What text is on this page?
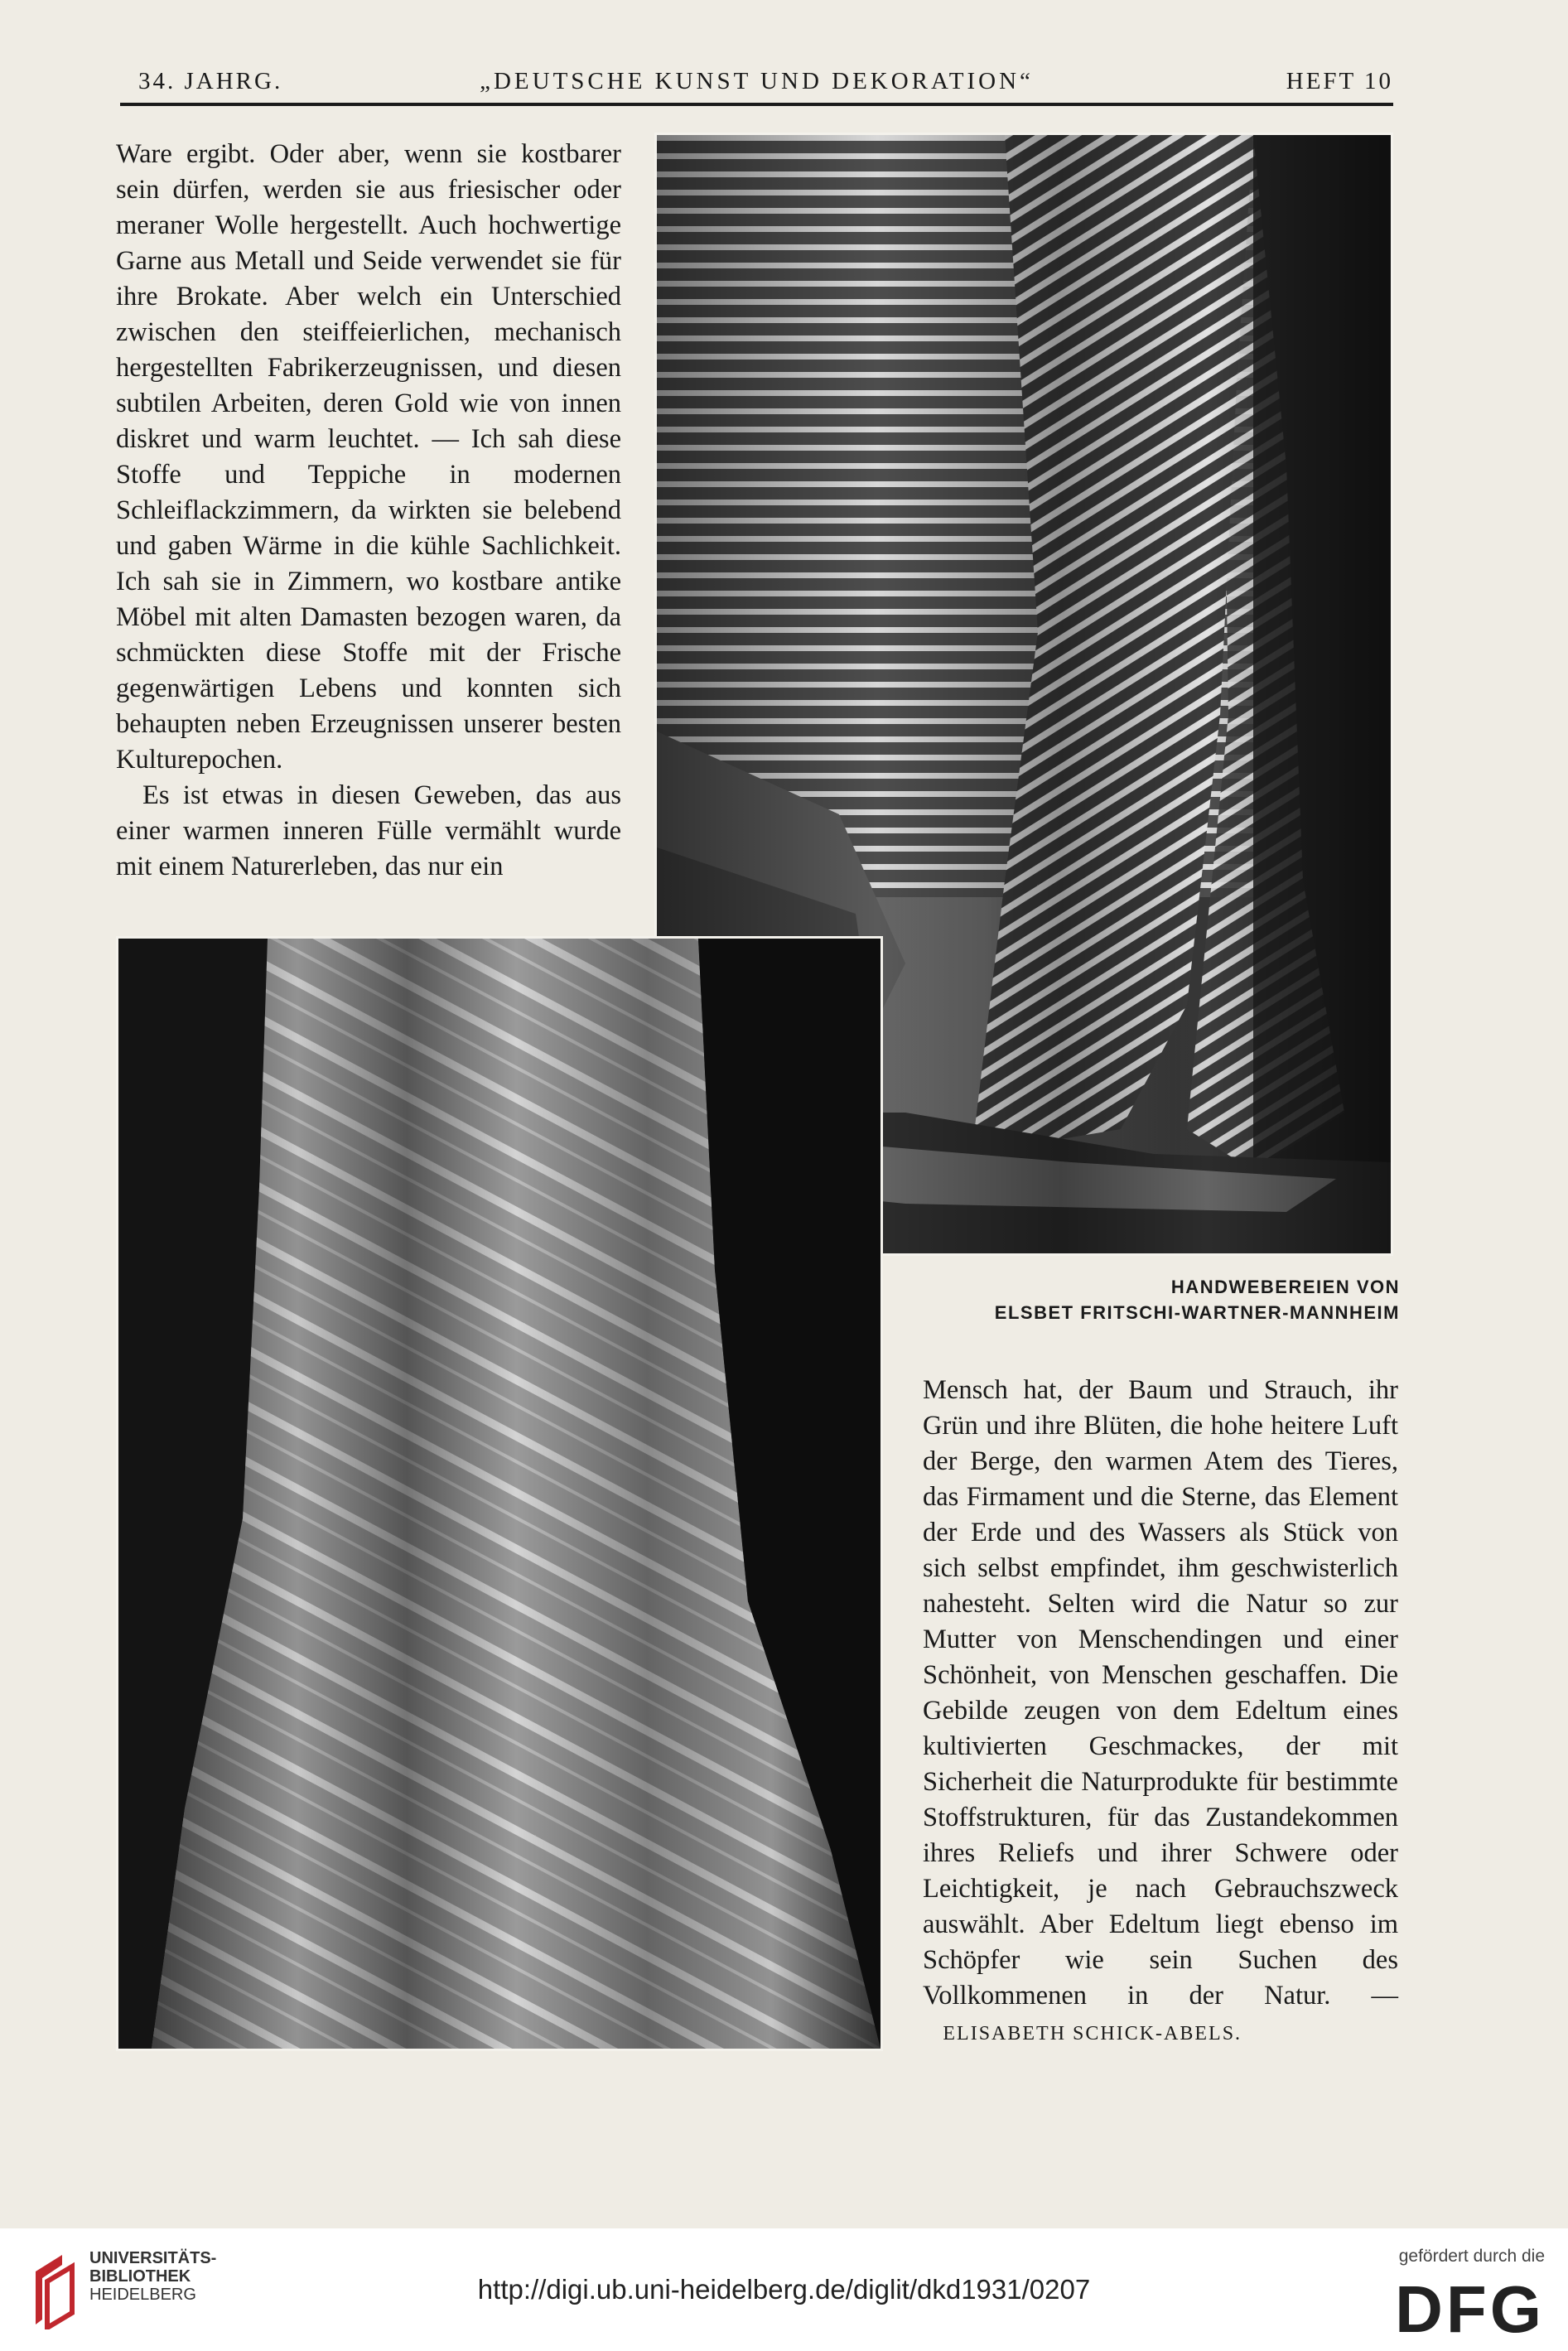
34. JAHRG.	„DEUTSCHE KUNST UND DEKORATION“	HEFT 10

Ware ergibt. Oder aber, wenn sie kostbarer sein dürfen, werden sie aus friesischer oder meraner Wolle hergestellt. Auch hochwertige Garne aus Metall und Seide verwendet sie für ihre Brokate. Aber welch ein Unterschied zwischen den steiffeierlichen, mechanisch hergestellten Fabrikerzeugnissen, und diesen subtilen Arbeiten, deren Gold wie von innen diskret und warm leuchtet. — Ich sah diese Stoffe und Teppiche in modernen Schleiflackzimmern, da wirkten sie belebend und gaben Wärme in die kühle Sachlichkeit. Ich sah sie in Zimmern, wo kostbare antike Möbel mit alten Damasten bezogen waren, da schmückten diese Stoffe mit der Frische gegenwärtigen Lebens und konnten sich behaupten neben Erzeugnissen unserer besten Kulturepochen.

Es ist etwas in diesen Geweben, das aus einer warmen inneren Fülle vermählt wurde mit einem Naturerleben, das nur ein

HANDWEBEREIEN VON
ELSBET FRITSCHI-WARTNER-MANNHEIM

Mensch hat, der Baum und Strauch, ihr Grün und ihre Blüten, die hohe heitere Luft der Berge, den warmen Atem des Tieres, das Firmament und die Sterne, das Element der Erde und des Wassers als Stück von sich selbst empfindet, ihm geschwisterlich nahesteht. Selten wird die Natur so zur Mutter von Menschendingen und einer Schönheit, von Menschen geschaffen. Die Gebilde zeugen von dem Edeltum eines kultivierten Geschmackes, der mit Sicherheit die Naturprodukte für bestimmte Stoffstrukturen, für das Zustandekommen ihres Reliefs und ihrer Schwere oder Leichtigkeit, je nach Gebrauchszweck auswählt. Aber Edeltum liegt ebenso im Schöpfer wie sein Suchen des Vollkommenen in der Natur. —    ELISABETH SCHICK-ABELS.

UNIVERSITÄTS-
BIBLIOTHEK
HEIDELBERG	http://digi.ub.uni-heidelberg.de/diglit/dkd1931/0207
gefördert durch die
DFG
